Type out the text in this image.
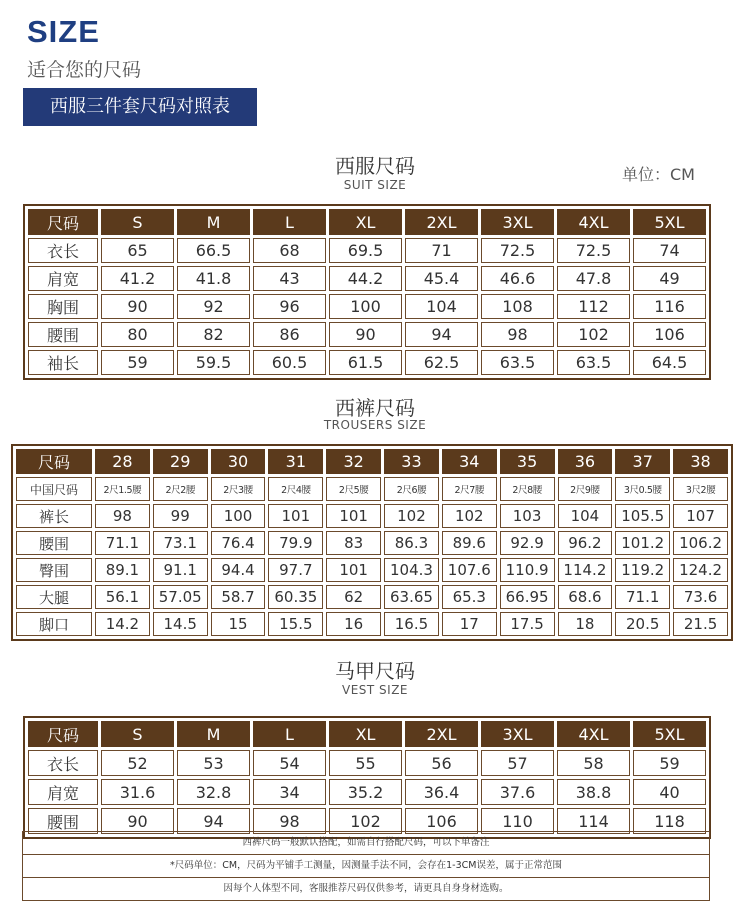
SIZE
适合您的尺码
西服三件套尺码对照表
西服尺码
SUIT SIZE
单位：CM
尺码	S	M	L	XL	2XL	3XL	4XL	5XL
衣长	65	66.5	68	69.5	71	72.5	72.5	74
肩宽	41.2	41.8	43	44.2	45.4	46.6	47.8	49
胸围	90	92	96	100	104	108	112	116
腰围	80	82	86	90	94	98	102	106
袖长	59	59.5	60.5	61.5	62.5	63.5	63.5	64.5
西裤尺码
TROUSERS SIZE
尺码	28	29	30	31	32	33	34	35	36	37	38
中国尺码	2尺1.5腰	2尺2腰	2尺3腰	2尺4腰	2尺5腰	2尺6腰	2尺7腰	2尺8腰	2尺9腰	3尺0.5腰	3尺2腰
裤长	98	99	100	101	101	102	102	103	104	105.5	107
腰围	71.1	73.1	76.4	79.9	83	86.3	89.6	92.9	96.2	101.2	106.2
臀围	89.1	91.1	94.4	97.7	101	104.3	107.6	110.9	114.2	119.2	124.2
大腿	56.1	57.05	58.7	60.35	62	63.65	65.3	66.95	68.6	71.1	73.6
脚口	14.2	14.5	15	15.5	16	16.5	17	17.5	18	20.5	21.5
马甲尺码
VEST SIZE
尺码	S	M	L	XL	2XL	3XL	4XL	5XL
衣长	52	53	54	55	56	57	58	59
肩宽	31.6	32.8	34	35.2	36.4	37.6	38.8	40
腰围	90	94	98	102	106	110	114	118
西裤尺码一般默认搭配，如需自行搭配尺码，可以下单备注
*尺码单位：CM，尺码为平铺手工测量，因测量手法不同，会存在1-3CM误差，属于正常范围
因每个人体型不同，客服推荐尺码仅供参考，请更具自身身材选购。
